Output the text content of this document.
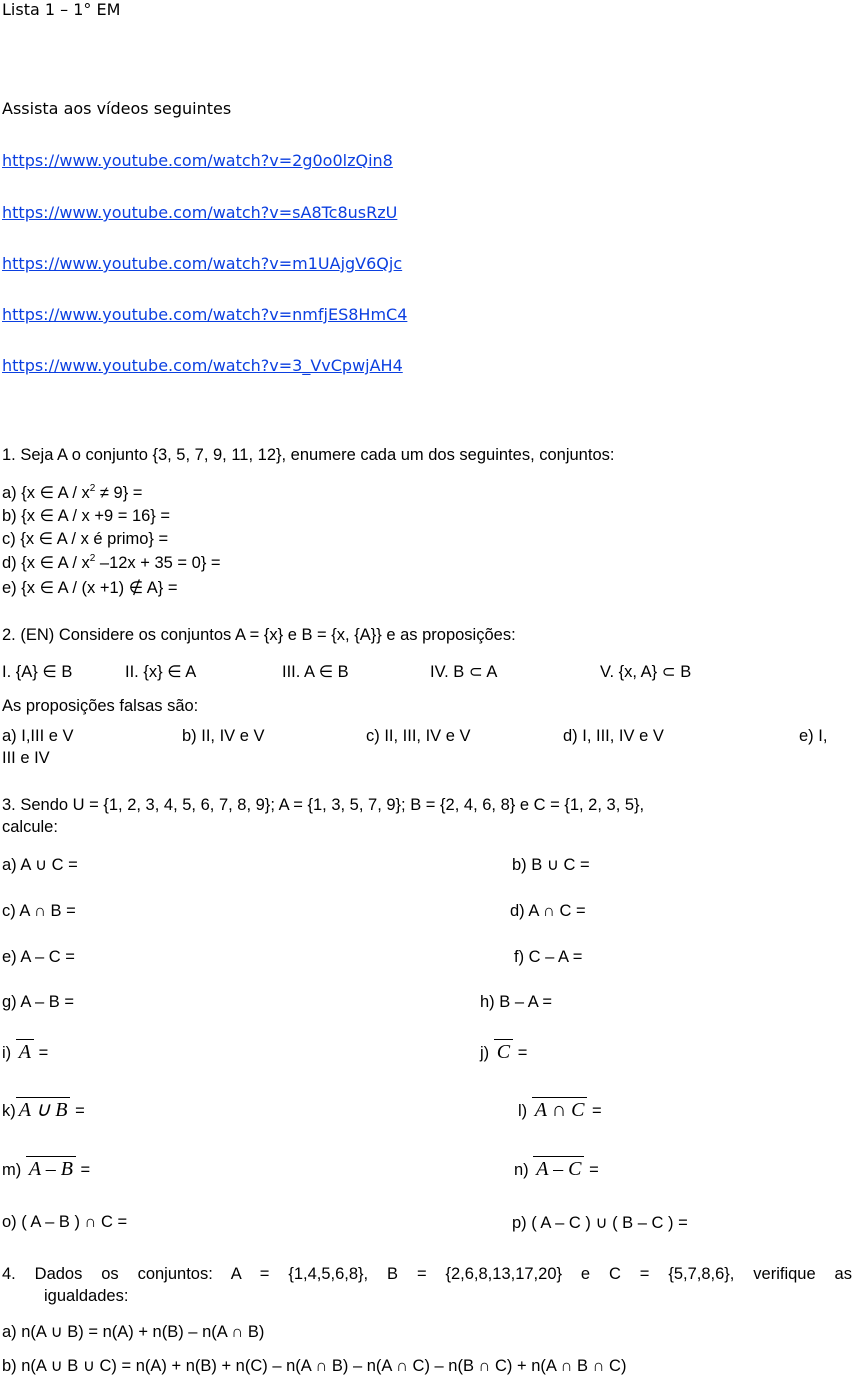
Lista 1 – 1° EM
Assista aos vídeos seguintes
https://www.youtube.com/watch?v=2g0o0lzQin8
https://www.youtube.com/watch?v=sA8Tc8usRzU
https://www.youtube.com/watch?v=m1UAjgV6Qjc
https://www.youtube.com/watch?v=nmfjES8HmC4
https://www.youtube.com/watch?v=3_VvCpwjAH4
1. Seja A o conjunto {3, 5, 7, 9, 11, 12}, enumere cada um dos seguintes, conjuntos:
a) {x ∈ $A / x^2 \ne 9$} =
b) {x ∈ A / x +9 = 16} =
c) {x ∈ A / x é primo} =
d) {x ∈ A / $x^2$ –12x + 35 = 0} =
e) {x ∈ A / (x +1) ∉ A} =
2. (EN) Considere os conjuntos A = {x} e B = {x, {A}} e as proposições:
I. {A} ∈ B	II. {x} ∈ A	III. A ∈ B	IV. B ⊂ A	V. {x, A} ⊂ B
As proposições falsas são:
a) I,III e V	b) II, IV e V	c) II, III, IV e V	d) I, III, IV e V	e) I,
III e IV
3. Sendo U = {1, 2, 3, 4, 5, 6, 7, 8, 9}; A = {1, 3, 5, 7, 9}; B = {2, 4, 6, 8} e C = {1, 2, 3, 5},
calcule:
a) A ∪ C =	b) B ∪ C =
c) A ∩ B =	d) A ∩ C =
e) A – C =	f) C – A =
g) A – B =	h) B – A =
i) A =	j) C =
k) A ∪ B =	l) A ∩ C =
m) A – B =	n) A – C =
o) ( A – B ) ∩ C =	p) ( A – C ) ∪ ( B – C ) =
4. Dados os conjuntos: A = {1,4,5,6,8}, B = {2,6,8,13,17,20} e C = {5,7,8,6}, verifique as
igualdades:
a) n(A ∪ B) = n(A) + n(B) – n(A ∩ B)
b) n(A ∪ B ∪ C) = n(A) + n(B) + n(C) – n(A ∩ B) – n(A ∩ C) – n(B ∩ C) + n(A ∩ B ∩ C)
